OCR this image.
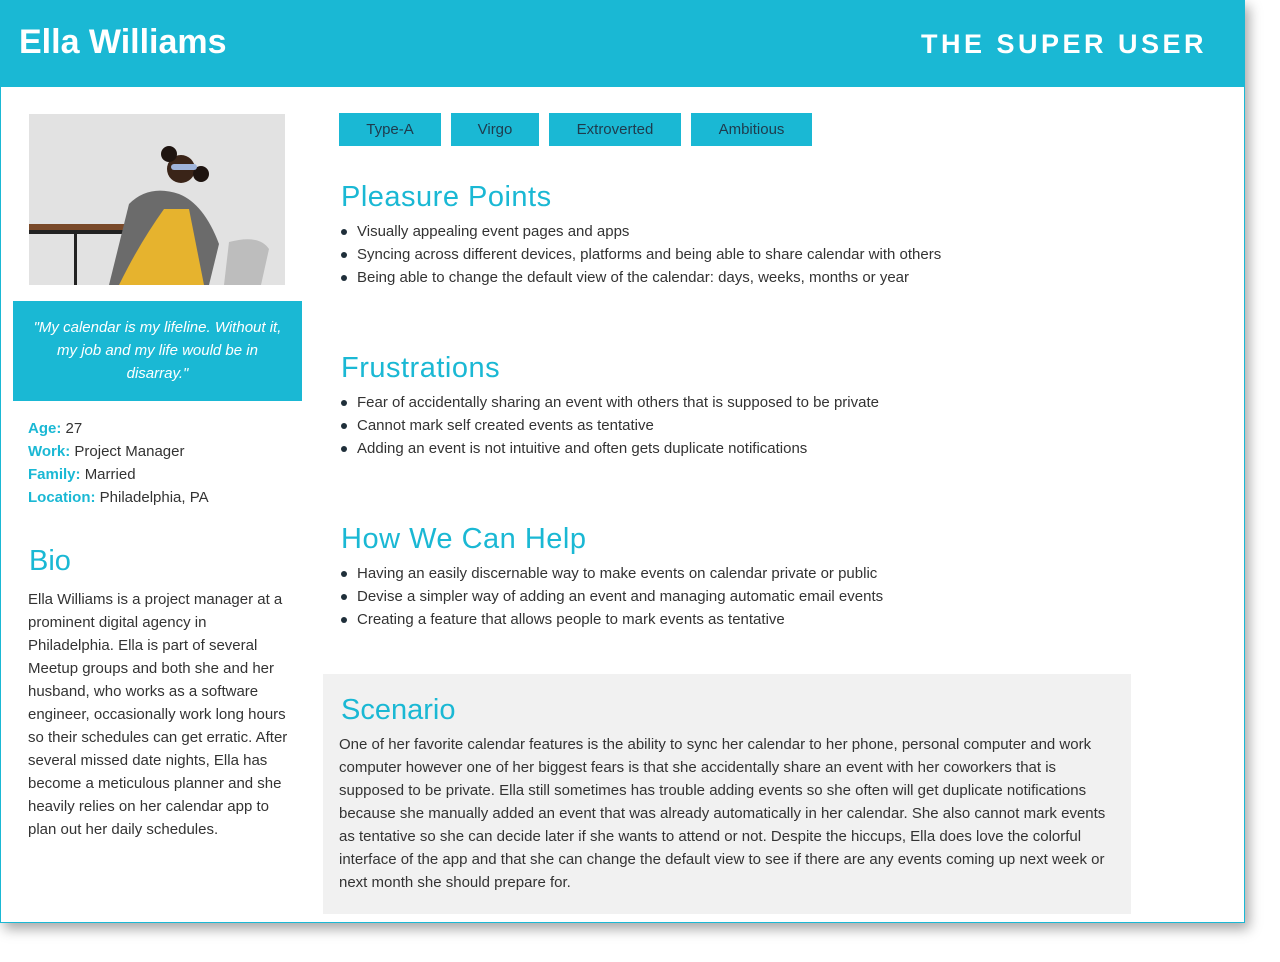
Ella Williams	THE SUPER USER
"My calendar is my lifeline. Without it, my job and my life would be in disarray."
Age: 27
Work: Project Manager
Family: Married
Location: Philadelphia, PA
Bio
Ella Williams is a project manager at a prominent digital agency in Philadelphia. Ella is part of several Meetup groups and both she and her husband, who works as a software engineer, occasionally work long hours so their schedules can get erratic. After several missed date nights, Ella has become a meticulous planner and she heavily relies on her calendar app to plan out her daily schedules.
Type-A	Virgo	Extroverted	Ambitious
Pleasure Points
Visually appealing event pages and apps
Syncing across different devices, platforms and being able to share calendar with others
Being able to change the default view of the calendar: days, weeks, months or year
Frustrations
Fear of accidentally sharing an event with others that is supposed to be private
Cannot mark self created events as tentative
Adding an event is not intuitive and often gets duplicate notifications
How We Can Help
Having an easily discernable way to make events on calendar private or public
Devise a simpler way of adding an event and managing automatic email events
Creating a feature that allows people to mark events as tentative
Scenario

One of her favorite calendar features is the ability to sync her calendar to her phone, personal computer and work computer however one of her biggest fears is that she accidentally share an event with her coworkers that is supposed to be private. Ella still sometimes has trouble adding events so she often will get duplicate notifications because she manually added an event that was already automatically in her calendar. She also cannot mark events as tentative so she can decide later if she wants to attend or not. Despite the hiccups, Ella does love the colorful interface of the app and that she can change the default view to see if there are any events coming up next week or next month she should prepare for.
